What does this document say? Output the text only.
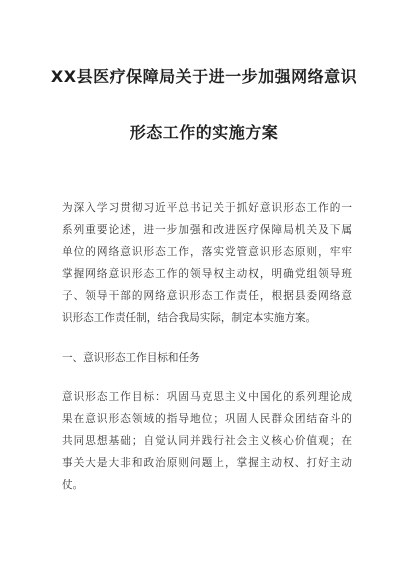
XX县医疗保障局关于进一步加强网络意识
形态工作的实施方案
为深入学习贯彻习近平总书记关于抓好意识形态工作的一
系列重要论述，进一步加强和改进医疗保障局机关及下属
单位的网络意识形态工作，落实党管意识形态原则，牢牢
掌握网络意识形态工作的领导权主动权，明确党组领导班
子、领导干部的网络意识形态工作责任，根据县委网络意
识形态工作责任制，结合我局实际，制定本实施方案。
一、意识形态工作目标和任务
意识形态工作目标：巩固马克思主义中国化的系列理论成
果在意识形态领域的指导地位；巩固人民群众团结奋斗的
共同思想基础；自觉认同并践行社会主义核心价值观；在
事关大是大非和政治原则问题上，掌握主动权、打好主动
仗。
